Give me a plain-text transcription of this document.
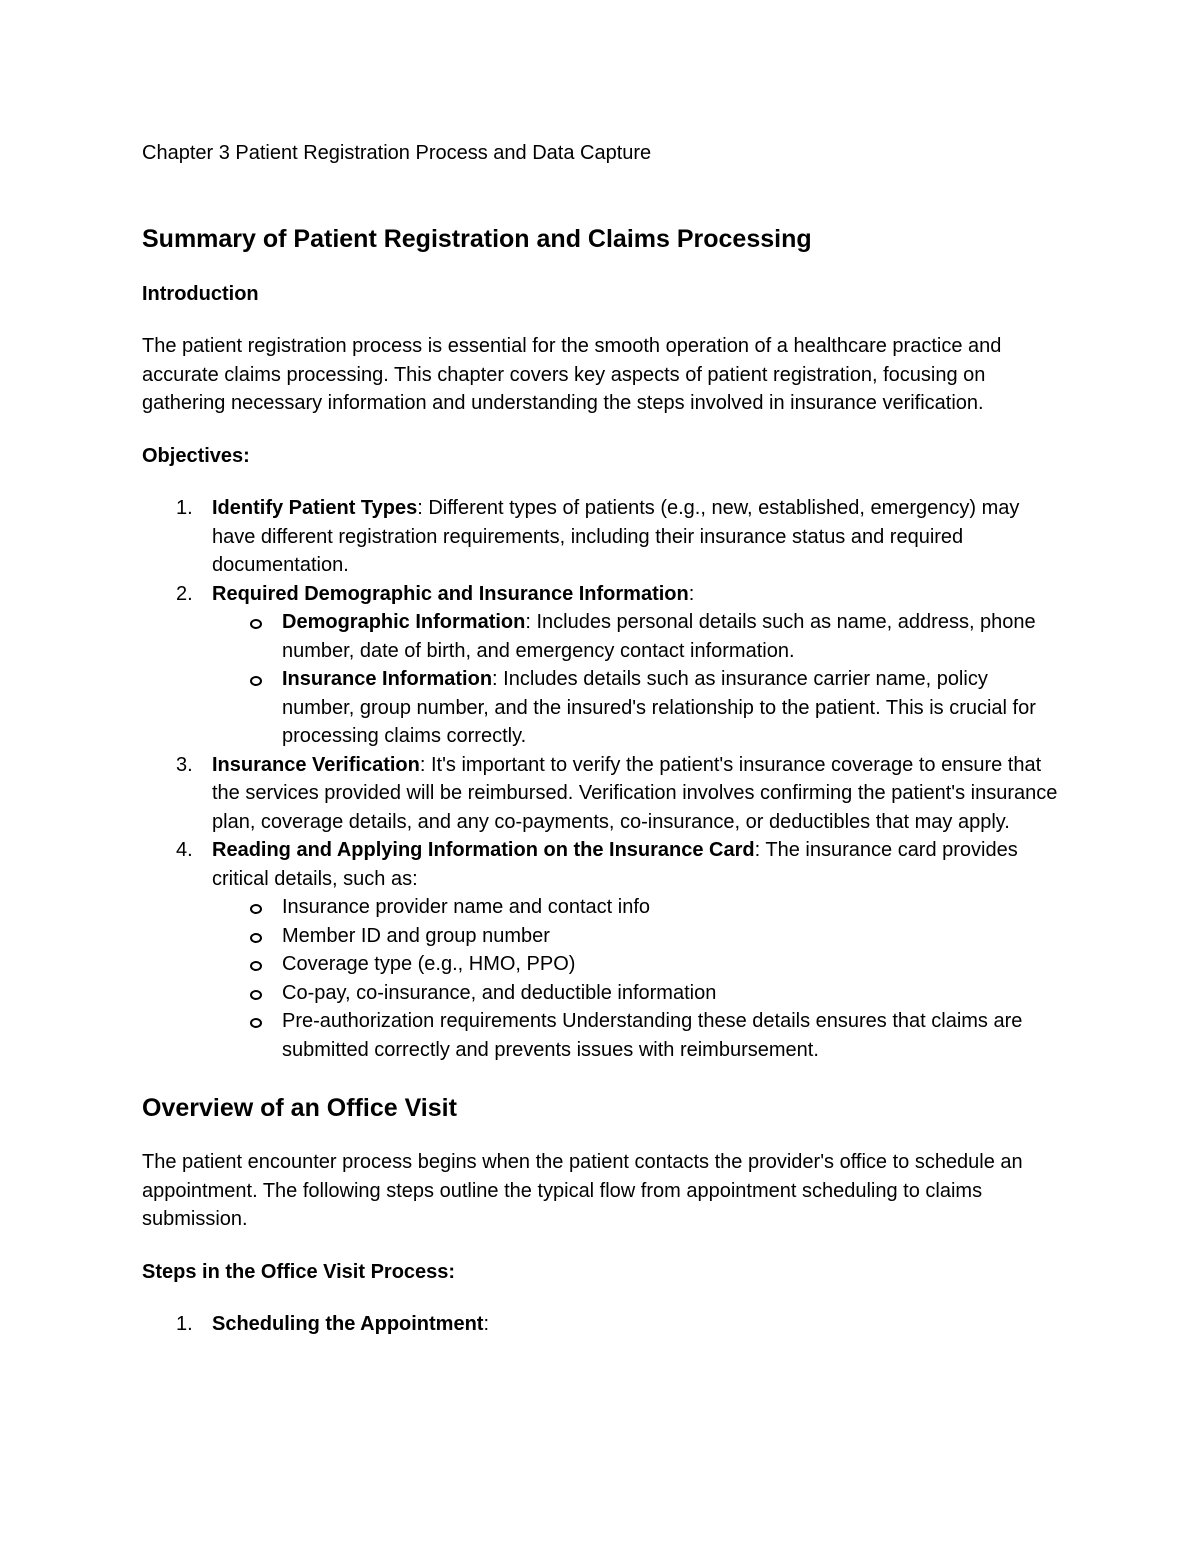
Chapter 3 Patient Registration Process and Data Capture

Summary of Patient Registration and Claims Processing

Introduction

The patient registration process is essential for the smooth operation of a healthcare practice and accurate claims processing. This chapter covers key aspects of patient registration, focusing on gathering necessary information and understanding the steps involved in insurance verification.

Objectives:

1. Identify Patient Types: Different types of patients (e.g., new, established, emergency) may have different registration requirements, including their insurance status and required documentation.
2. Required Demographic and Insurance Information:
Demographic Information: Includes personal details such as name, address, phone number, date of birth, and emergency contact information.
Insurance Information: Includes details such as insurance carrier name, policy number, group number, and the insured's relationship to the patient. This is crucial for processing claims correctly.
3. Insurance Verification: It's important to verify the patient's insurance coverage to ensure that the services provided will be reimbursed. Verification involves confirming the patient's insurance plan, coverage details, and any co-payments, co-insurance, or deductibles that may apply.
4. Reading and Applying Information on the Insurance Card: The insurance card provides critical details, such as:
Insurance provider name and contact info
Member ID and group number
Coverage type (e.g., HMO, PPO)
Co-pay, co-insurance, and deductible information
Pre-authorization requirements Understanding these details ensures that claims are submitted correctly and prevents issues with reimbursement.
Overview of an Office Visit

The patient encounter process begins when the patient contacts the provider's office to schedule an appointment. The following steps outline the typical flow from appointment scheduling to claims submission.

Steps in the Office Visit Process:

1. Scheduling the Appointment:
